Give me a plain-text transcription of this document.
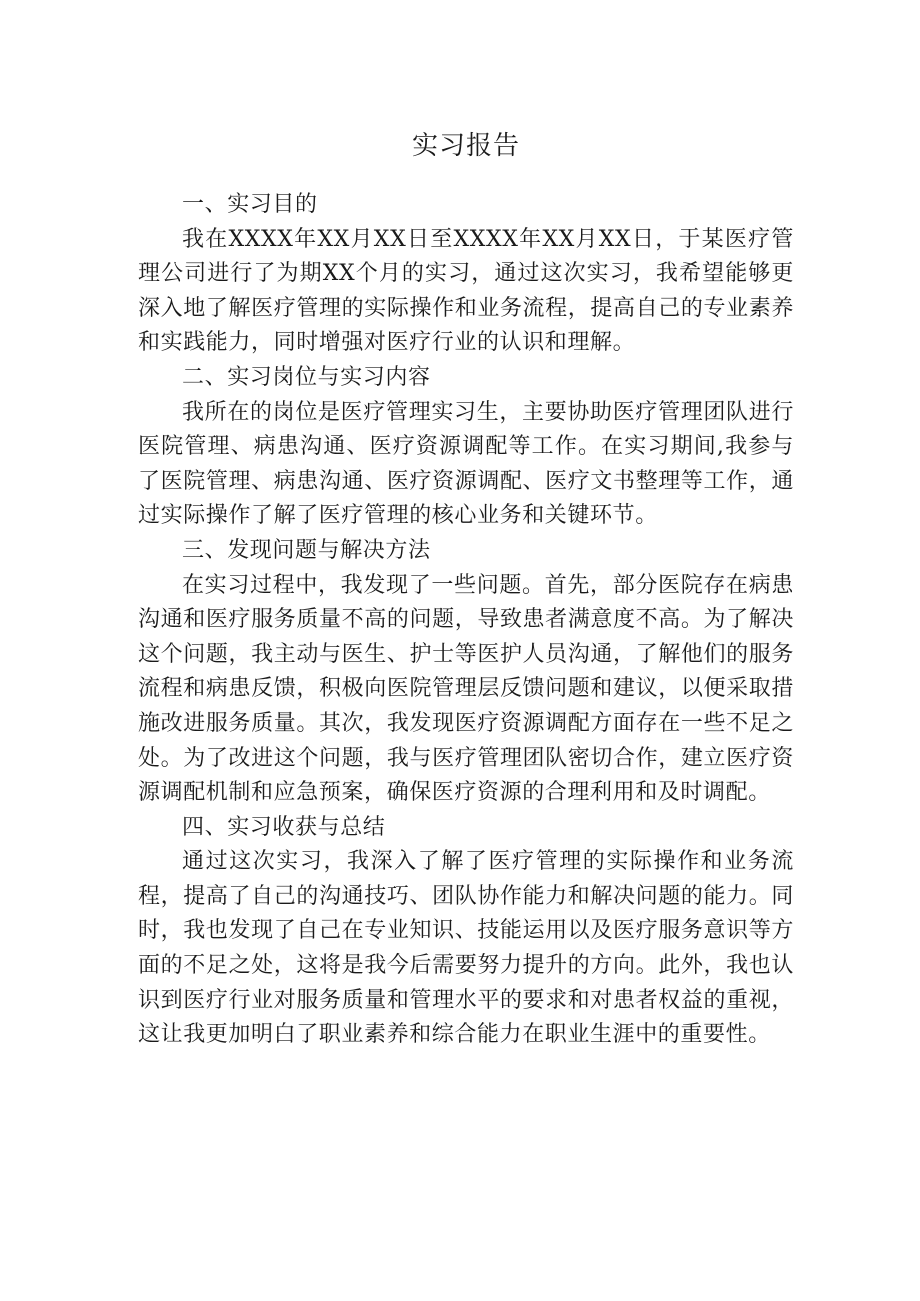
实习报告

一、实习目的

我在XXXX年XX月XX日至XXXX年XX月XX日，于某医疗管理公司进行了为期XX个月的实习，通过这次实习，我希望能够更深入地了解医疗管理的实际操作和业务流程，提高自己的专业素养和实践能力，同时增强对医疗行业的认识和理解。

二、实习岗位与实习内容

我所在的岗位是医疗管理实习生，主要协助医疗管理团队进行医院管理、病患沟通、医疗资源调配等工作。在实习期间,我参与了医院管理、病患沟通、医疗资源调配、医疗文书整理等工作，通过实际操作了解了医疗管理的核心业务和关键环节。

三、发现问题与解决方法

在实习过程中，我发现了一些问题。首先，部分医院存在病患沟通和医疗服务质量不高的问题，导致患者满意度不高。为了解决这个问题，我主动与医生、护士等医护人员沟通，了解他们的服务流程和病患反馈，积极向医院管理层反馈问题和建议，以便采取措施改进服务质量。其次，我发现医疗资源调配方面存在一些不足之处。为了改进这个问题，我与医疗管理团队密切合作，建立医疗资源调配机制和应急预案，确保医疗资源的合理利用和及时调配。

四、实习收获与总结

通过这次实习，我深入了解了医疗管理的实际操作和业务流程，提高了自己的沟通技巧、团队协作能力和解决问题的能力。同时，我也发现了自己在专业知识、技能运用以及医疗服务意识等方面的不足之处，这将是我今后需要努力提升的方向。此外，我也认识到医疗行业对服务质量和管理水平的要求和对患者权益的重视，这让我更加明白了职业素养和综合能力在职业生涯中的重要性。
